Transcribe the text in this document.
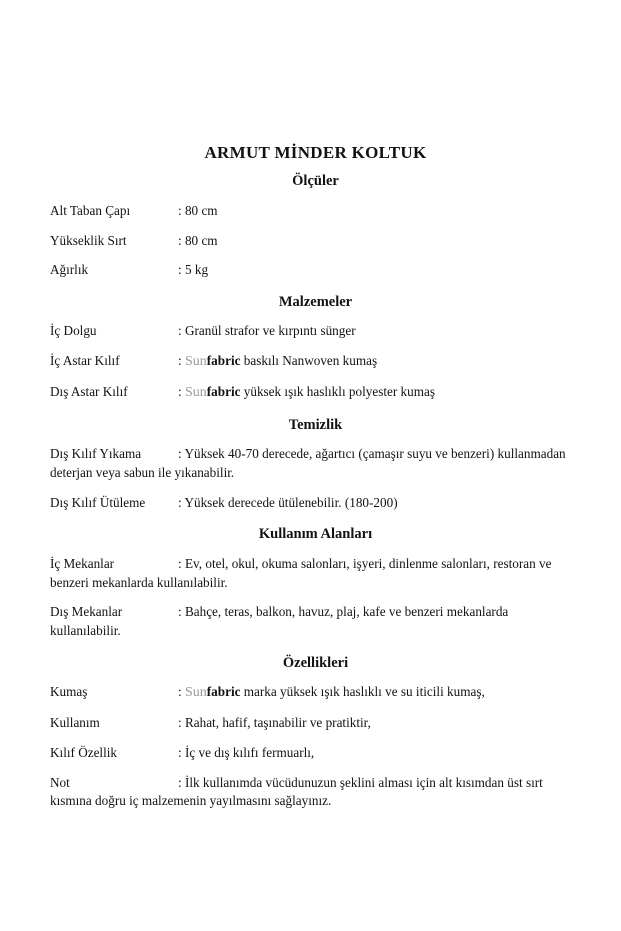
ARMUT MİNDER KOLTUK
Ölçüler
Alt Taban Çapı	: 80 cm
Yükseklik Sırt	: 80 cm
Ağırlık	: 5 kg
Malzemeler
İç Dolgu	: Granül strafor ve kırpıntı sünger
İç Astar Kılıf	: Sunfabric baskılı Nanwoven kumaş
Dış Astar Kılıf	: Sunfabric yüksek ışık haslıklı polyester kumaş
Temizlik
Dış Kılıf Yıkama	: Yüksek 40-70 derecede, ağartıcı (çamaşır suyu ve benzeri) kullanmadan deterjan veya sabun ile yıkanabilir.
Dış Kılıf Ütüleme : Yüksek derecede ütülenebilir. (180-200)
Kullanım Alanları
İç Mekanlar	: Ev, otel, okul, okuma salonları, işyeri, dinlenme salonları, restoran ve benzeri mekanlarda kullanılabilir.
Dış Mekanlar	: Bahçe, teras, balkon, havuz, plaj, kafe ve benzeri mekanlarda kullanılabilir.
Özellikleri
Kumaş	: Sunfabric marka yüksek ışık haslıklı ve su iticili kumaş,
Kullanım	: Rahat, hafif, taşınabilir ve pratiktir,
Kılıf Özellik	: İç ve dış kılıfı fermuarlı,
Not	: İlk kullanımda vücüdunuzun şeklini alması için alt kısımdan üst sırt kısmına doğru iç malzemenin yayılmasını sağlayınız.
